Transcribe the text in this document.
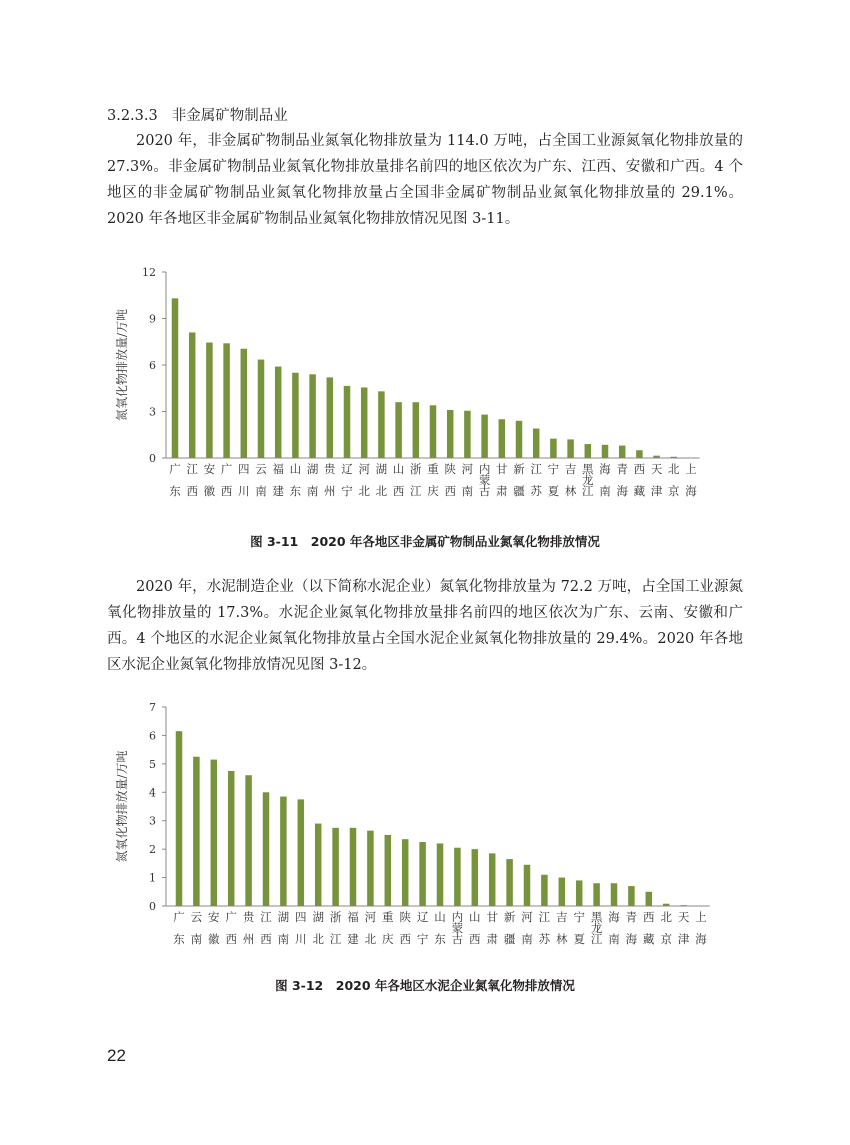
3.2.3.3 非金属矿物制品业

2020 年，非金属矿物制品业氮氧化物排放量为 114.0 万吨，占全国工业源氮氧化物排放量的 27.3%。非金属矿物制品业氮氧化物排放量排名前四的地区依次为广东、江西、安徽和广西。4 个地区的非金属矿物制品业氮氧化物排放量占全国非金属矿物制品业氮氧化物排放量的 29.1%。2020 年各地区非金属矿物制品业氮氧化物排放情况见图 3-11。

0
3
6
9
12
氮氧化物排放量/万吨
广
东
江
西
安
徽
广
西
四
川
云
南
福
建
山
东
湖
南
贵
州
辽
宁
河
北
湖
北
山
西
浙
江
重
庆
陕
西
河
南
内
蒙
古
甘
肃
新
疆
江
苏
宁
夏
吉
林
黑
龙
江
海
南
青
海
西
藏
天
津
北
京
上
海
图 3-11　2020 年各地区非金属矿物制品业氮氧化物排放情况

2020 年，水泥制造企业（以下简称水泥企业）氮氧化物排放量为 72.2 万吨，占全国工业源氮氧化物排放量的 17.3%。水泥企业氮氧化物排放量排名前四的地区依次为广东、云南、安徽和广西。4 个地区的水泥企业氮氧化物排放量占全国水泥企业氮氧化物排放量的 29.4%。2020 年各地区水泥企业氮氧化物排放情况见图 3-12。

0
1
2
3
4
5
6
7
氮氧化物排放量/万吨
广
东
云
南
安
徽
广
西
贵
州
江
西
湖
南
四
川
湖
北
浙
江
福
建
河
北
重
庆
陕
西
辽
宁
山
东
内
蒙
古
山
西
甘
肃
新
疆
河
南
江
苏
吉
林
宁
夏
黑
龙
江
海
南
青
海
西
藏
北
京
天
津
上
海
图 3-12　2020 年各地区水泥企业氮氧化物排放情况
22
